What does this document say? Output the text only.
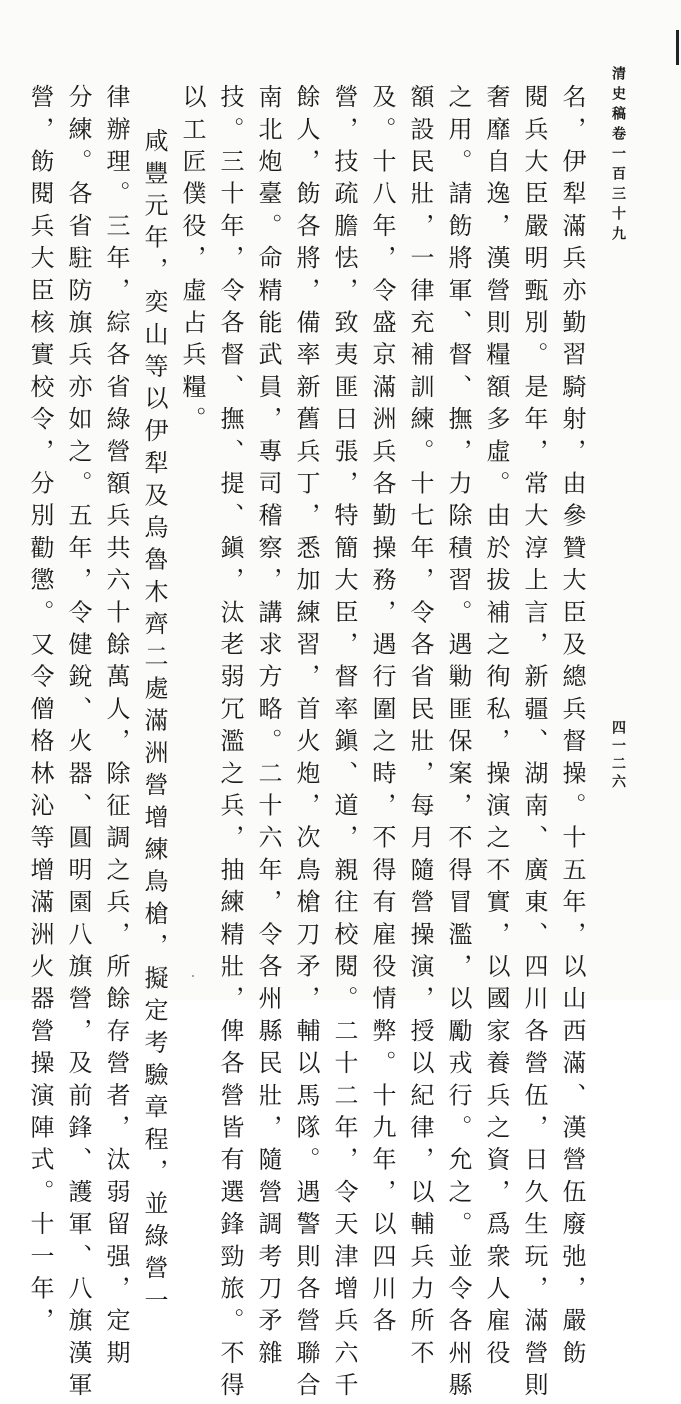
清史稿卷一百三十九
四一二六
名，伊犁滿兵亦勤習騎射，由參贊大臣及總兵督操。十五年，以山西滿、漢營伍廢弛，嚴飭
閱兵大臣嚴明甄別。是年，常大淳上言，新疆、湖南、廣東、四川各營伍，日久生玩，滿營則
奢靡自逸，漢營則糧額多虛。由於拔補之徇私，操演之不實，以國家養兵之資，爲衆人雇役
之用。請飭將軍、督、撫，力除積習。遇勦匪保案，不得冒濫，以勵戎行。允之。並令各州縣
額設民壯，一律充補訓練。十七年，令各省民壯，每月隨營操演，授以紀律，以輔兵力所不
及。十八年，令盛京滿洲兵各勤操務，遇行圍之時，不得有雇役情弊。十九年，以四川各
營，技疏膽怯，致夷匪日張，特簡大臣，督率鎭、道，親往校閱。二十二年，令天津增兵六千
餘人，飭各將，備率新舊兵丁，悉加練習，首火炮，次鳥槍刀矛，輔以馬隊。遇警則各營聯合
南北炮臺。命精能武員，專司稽察，講求方略。二十六年，令各州縣民壯，隨營調考刀矛雜
技。三十年，令各督、撫、提、鎭，汰老弱冗濫之兵，抽練精壯，俾各營皆有選鋒勁旅。不得
以工匠僕役，虛占兵糧。
咸豐元年，奕山等以伊犁及烏魯木齊二處滿洲營增練鳥槍，擬定考驗章程，並綠營一
律辦理。三年，綜各省綠營額兵共六十餘萬人，除征調之兵，所餘存營者，汰弱留强，定期
分練。各省駐防旗兵亦如之。五年，令健銳、火器、圓明園八旗營，及前鋒、護軍、八旗漢軍
營，飭閱兵大臣核實校令，分別勸懲。又令僧格林沁等增滿洲火器營操演陣式。十一年，
